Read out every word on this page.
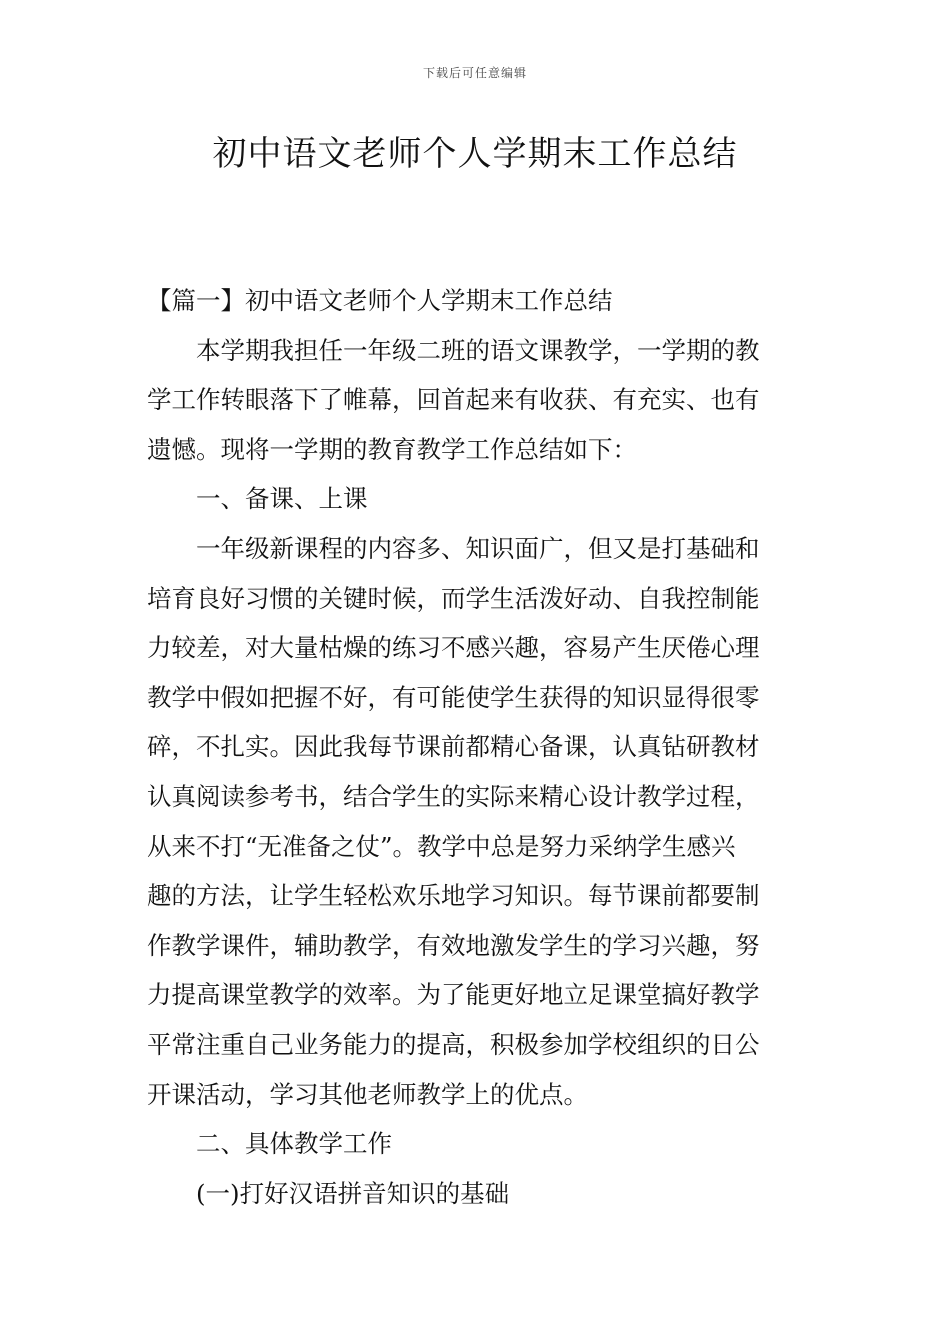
下载后可任意编辑
初中语文老师个人学期末工作总结
【篇一】初中语文老师个人学期末工作总结
本学期我担任一年级二班的语文课教学，一学期的教
学工作转眼落下了帷幕，回首起来有收获、有充实、也有
遗憾。现将一学期的教育教学工作总结如下：
一、备课、上课
一年级新课程的内容多、知识面广，但又是打基础和
培育良好习惯的关键时候，而学生活泼好动、自我控制能
力较差，对大量枯燥的练习不感兴趣，容易产生厌倦心理
教学中假如把握不好，有可能使学生获得的知识显得很零
碎，不扎实。因此我每节课前都精心备课，认真钻研教材
认真阅读参考书，结合学生的实际来精心设计教学过程，
从来不打“无准备之仗”。教学中总是努力采纳学生感兴
趣的方法，让学生轻松欢乐地学习知识。每节课前都要制
作教学课件，辅助教学，有效地激发学生的学习兴趣，努
力提高课堂教学的效率。为了能更好地立足课堂搞好教学
平常注重自己业务能力的提高，积极参加学校组织的日公
开课活动，学习其他老师教学上的优点。
二、具体教学工作
(一)打好汉语拼音知识的基础
